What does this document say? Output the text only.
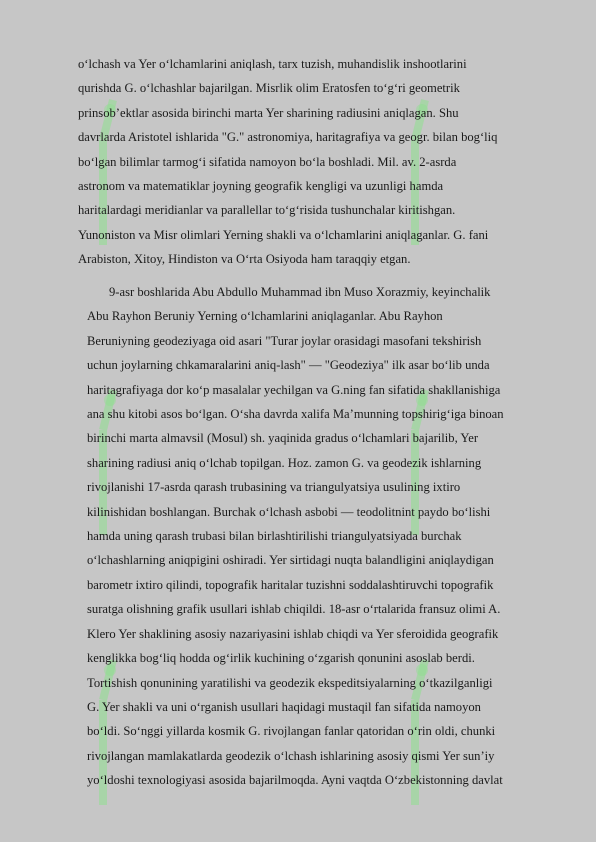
o‘lchash va Yer o‘lchamlarini aniqlash, tarx tuzish, muhandislik inshootlarini
qurishda G. o‘lchashlar bajarilgan. Misrlik olim Eratosfen to‘g‘ri geometrik
prinsob’ektlar asosida birinchi marta Yer sharining radiusini aniqlagan. Shu
davrlarda Aristotel ishlarida "G." astronomiya, haritagrafiya va geogr. bilan bog‘liq
bo‘lgan bilimlar tarmog‘i sifatida namoyon bo‘la boshladi. Mil. av. 2-asrda
astronom va matematiklar joyning geografik kengligi va uzunligi hamda
haritalardagi meridianlar va parallellar to‘g‘risida tushunchalar kiritishgan.
Yunoniston va Misr olimlari Yerning shakli va o‘lchamlarini aniqlaganlar. G. fani
Arabiston, Xitoy, Hindiston va O‘rta Osiyoda ham taraqqiy etgan.
9-asr boshlarida Abu Abdullo Muhammad ibn Muso Xorazmiy, keyinchalik
Abu Rayhon Beruniy Yerning o‘lchamlarini aniqlaganlar. Abu Rayhon
Beruniyning geodeziyaga oid asari "Turar joylar orasidagi masofani tekshirish
uchun joylarning chkamaralarini aniq-lash" — "Geodeziya" ilk asar bo‘lib unda
haritagrafiyaga dor ko‘p masalalar yechilgan va G.ning fan sifatida shakllanishiga
ana shu kitobi asos bo‘lgan. O‘sha davrda xalifa Ma’munning topshirig‘iga binoan
birinchi marta almavsil (Mosul) sh. yaqinida gradus o‘lchamlari bajarilib, Yer
sharining radiusi aniq o‘lchab topilgan. Hoz. zamon G. va geodezik ishlarning
rivojlanishi 17-asrda qarash trubasining va triangulyatsiya usulining ixtiro
kilinishidan boshlangan. Burchak o‘lchash asbobi — teodolitnint paydo bo‘lishi
hamda uning qarash trubasi bilan birlashtirilishi triangulyatsiyada burchak
o‘lchashlarning aniqpigini oshiradi. Yer sirtidagi nuqta balandligini aniqlaydigan
barometr ixtiro qilindi, topografik haritalar tuzishni soddalashtiruvchi topografik
suratga olishning grafik usullari ishlab chiqildi. 18-asr o‘rtalarida fransuz olimi A.
Klero Yer shaklining asosiy nazariyasini ishlab chiqdi va Yer sferoidida geografik
kenglikka bog‘liq hodda og‘irlik kuchining o‘zgarish qonunini asoslab berdi.
Tortishish qonunining yaratilishi va geodezik ekspeditsiyalarning o‘tkazilganligi
G. Yer shakli va uni o‘rganish usullari haqidagi mustaqil fan sifatida namoyon
bo‘ldi. So‘nggi yillarda kosmik G. rivojlangan fanlar qatoridan o‘rin oldi, chunki
rivojlangan mamlakatlarda geodezik o‘lchash ishlarining asosiy qismi Yer sun’iy
yo‘ldoshi texnologiyasi asosida bajarilmoqda. Ayni vaqtda O‘zbekistonning davlat
